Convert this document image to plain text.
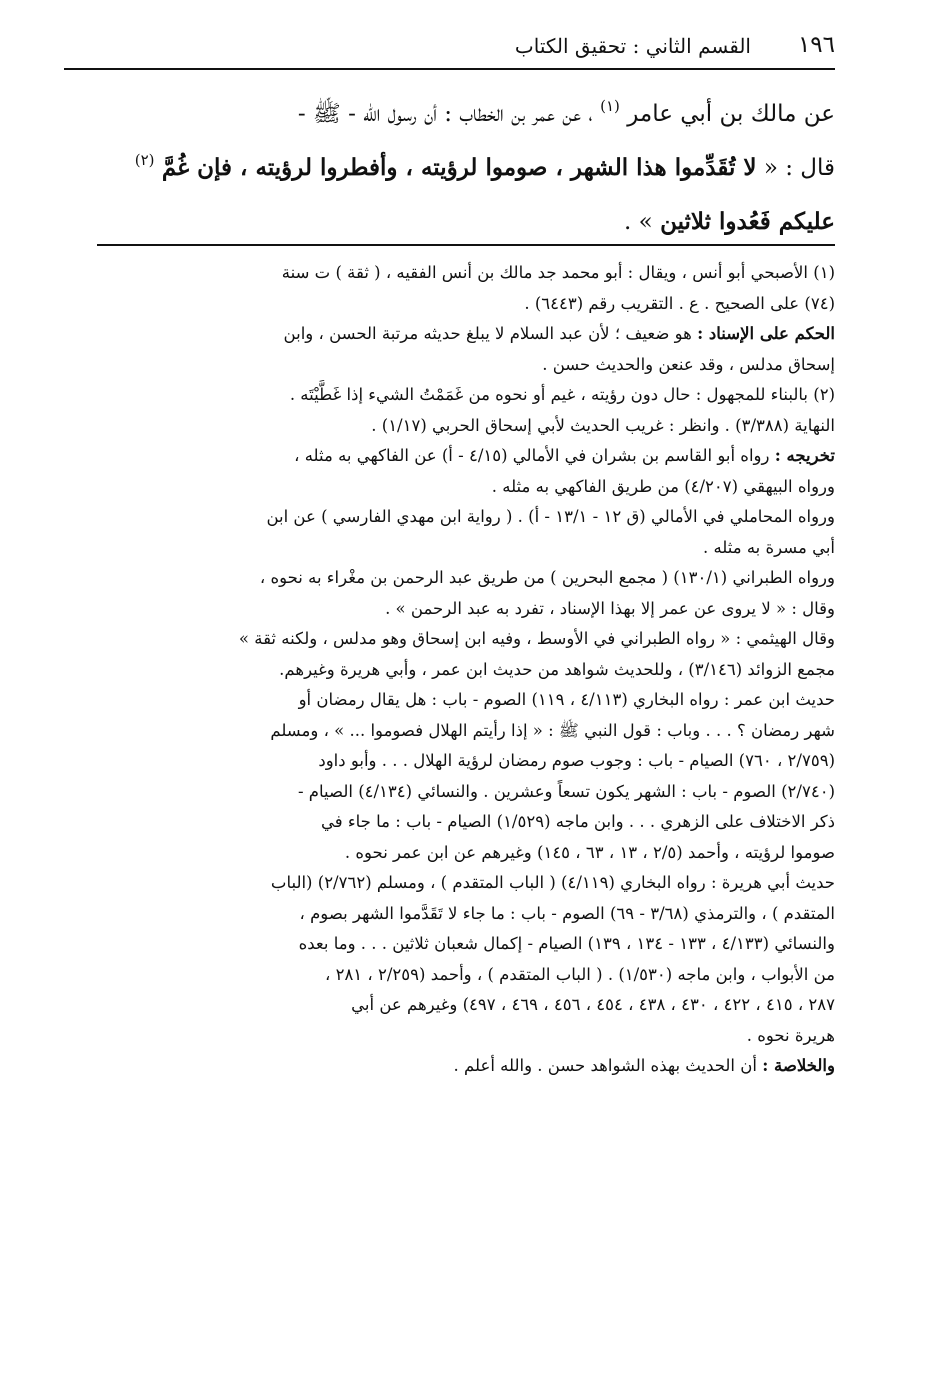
١٩٦
القسم الثاني : تحقيق الكتاب
عن مالك بن أبي عامر $^{(١)}$ ، عن عمر بن الخطاب : أن رسول الله - ﷺ -
قال : « لا تُقَدِّموا هذا الشهر ، صوموا لرؤيته ، وأفطروا لرؤيته ، فإن غُمَّ $^{(٢)}$
عليكم فَعُدوا ثلاثين » .
(١) الأصبحي أبو أنس ، ويقال : أبو محمد جد مالك بن أنس الفقيه ، ( ثقة ) ت سنة
(٧٤) على الصحيح . ع . التقريب رقم (٦٤٤٣) .
الحكم على الإسناد : هو ضعيف ؛ لأن عبد السلام لا يبلغ حديثه مرتبة الحسن ، وابن
إسحاق مدلس ، وقد عنعن والحديث حسن .
(٢) بالبناء للمجهول : حال دون رؤيته ، غيم أو نحوه من غَمَمْتُ الشيء إذا غَطَّيْتَه .
النهاية (٣/٣٨٨) . وانظر : غريب الحديث لأبي إسحاق الحربي (١/١٧) .
تخريجه : رواه أبو القاسم بن بشران في الأمالي (٤/١٥ - أ) عن الفاكهي به مثله ،
ورواه البيهقي (٤/٢٠٧) من طريق الفاكهي به مثله .
ورواه المحاملي في الأمالي (ق ١٢ - ١٣/١ - أ) . ( رواية ابن مهدي الفارسي ) عن ابن
أبي مسرة به مثله .
ورواه الطبراني (١٣٠/١) ( مجمع البحرين ) من طريق عبد الرحمن بن مغْراء به نحوه ،
وقال : « لا يروى عن عمر إلا بهذا الإسناد ، تفرد به عبد الرحمن » .
وقال الهيثمي : « رواه الطبراني في الأوسط ، وفيه ابن إسحاق وهو مدلس ، ولكنه ثقة »
مجمع الزوائد (٣/١٤٦) ، وللحديث شواهد من حديث ابن عمر ، وأبي هريرة وغيرهم.
حديث ابن عمر : رواه البخاري (٤/١١٣ ، ١١٩) الصوم - باب : هل يقال رمضان أو
شهر رمضان ؟ . . . وباب : قول النبي ﷺ : « إذا رأيتم الهلال فصوموا ... » ، ومسلم
(٢/٧٥٩ ، ٧٦٠) الصيام - باب : وجوب صوم رمضان لرؤية الهلال . . . وأبو داود
(٢/٧٤٠) الصوم - باب : الشهر يكون تسعاً وعشرين . والنسائي (٤/١٣٤) الصيام -
ذكر الاختلاف على الزهري . . . وابن ماجه (١/٥٢٩) الصيام - باب : ما جاء في
صوموا لرؤيته ، وأحمد (٢/٥ ، ١٣ ، ٦٣ ، ١٤٥) وغيرهم عن ابن عمر نحوه .
حديث أبي هريرة : رواه البخاري (٤/١١٩) ( الباب المتقدم ) ، ومسلم (٢/٧٦٢) (الباب
المتقدم ) ، والترمذي (٣/٦٨ - ٦٩) الصوم - باب : ما جاء لا تَقَدَّموا الشهر بصوم ،
والنسائي (٤/١٣٣ ، ١٣٣ - ١٣٤ ، ١٣٩) الصيام - إكمال شعبان ثلاثين . . . وما بعده
من الأبواب ، وابن ماجه (١/٥٣٠) . ( الباب المتقدم ) ، وأحمد (٢/٢٥٩ ، ٢٨١ ،
٢٨٧ ، ٤١٥ ، ٤٢٢ ، ٤٣٠ ، ٤٣٨ ، ٤٥٤ ، ٤٥٦ ، ٤٦٩ ، ٤٩٧) وغيرهم عن أبي
هريرة نحوه .
والخلاصة : أن الحديث بهذه الشواهد حسن . والله أعلم .
